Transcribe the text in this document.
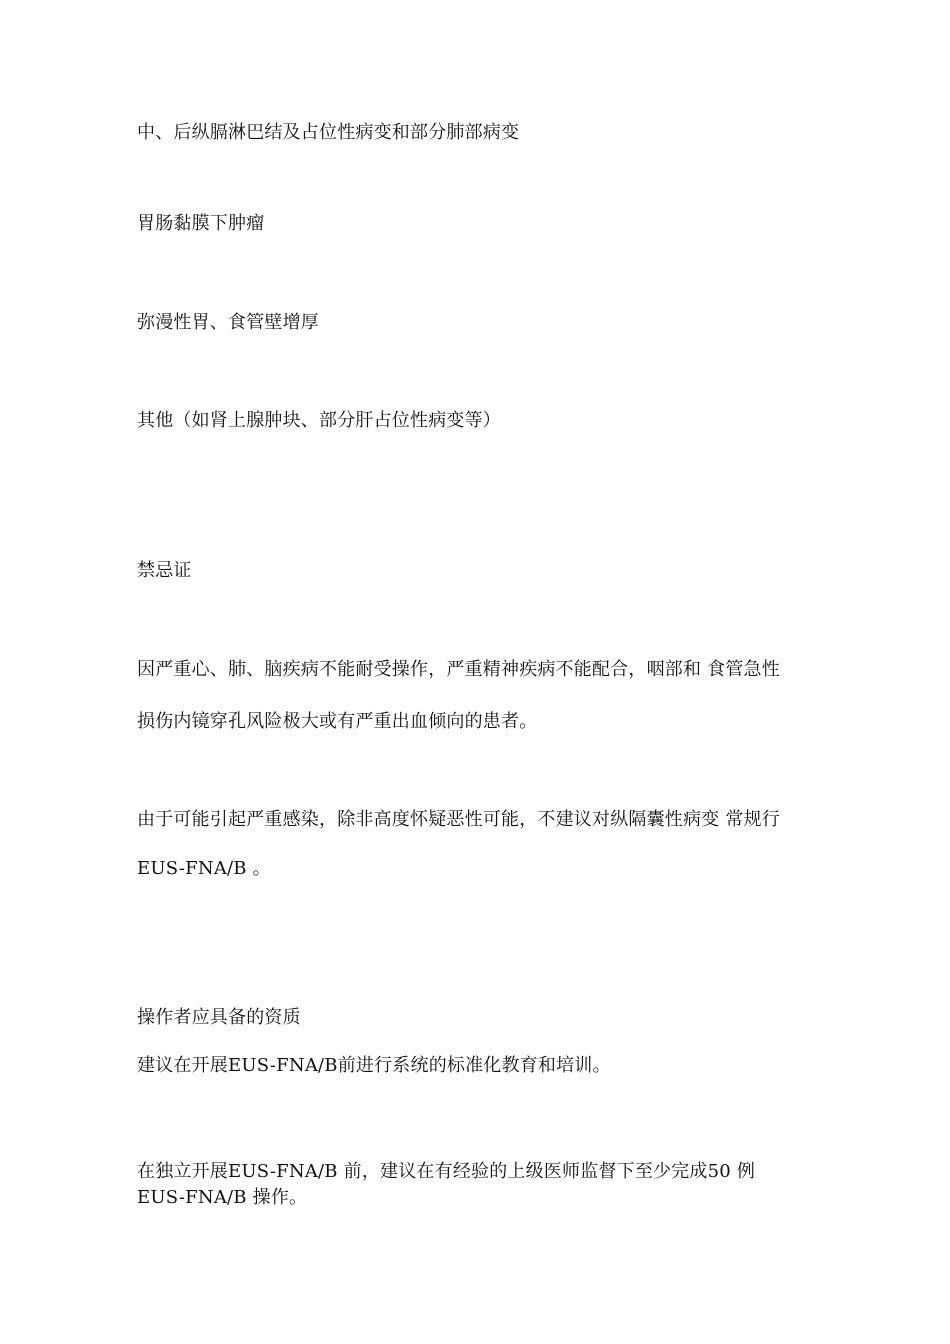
中、后纵膈淋巴结及占位性病变和部分肺部病变
胃肠黏膜下肿瘤
弥漫性胃、食管壁增厚
其他（如肾上腺肿块、部分肝占位性病变等）
禁忌证
因严重心、肺、脑疾病不能耐受操作，严重精神疾病不能配合，咽部和 食管急性
损伤内镜穿孔风险极大或有严重出血倾向的患者。
由于可能引起严重感染，除非高度怀疑恶性可能，不建议对纵隔囊性病变 常规行
EUS-FNA/B 。
操作者应具备的资质
建议在开展EUS-FNA/B前进行系统的标准化教育和培训。
在独立开展EUS-FNA/B 前，建议在有经验的上级医师监督下至少完成50 例
EUS-FNA/B 操作。
